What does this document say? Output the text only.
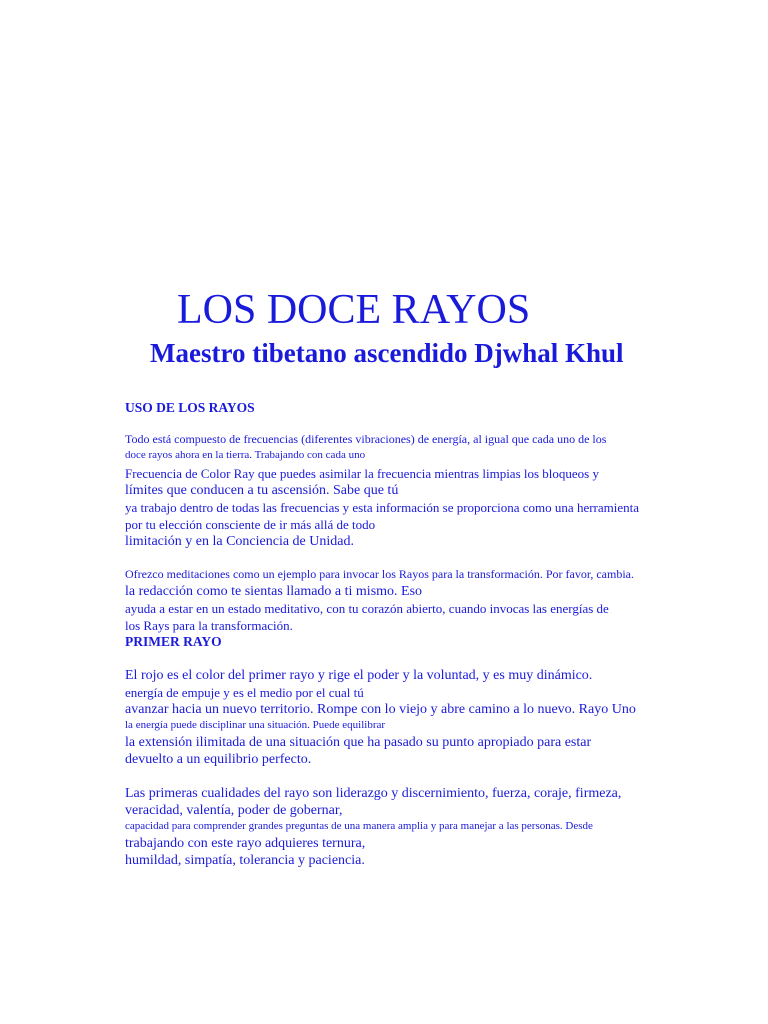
LOS DOCE RAYOS
Maestro tibetano ascendido Djwhal Khul
USO DE LOS RAYOS
Todo está compuesto de frecuencias (diferentes vibraciones) de energía, al igual que cada uno de los
doce rayos ahora en la tierra. Trabajando con cada uno
Frecuencia de Color Ray que puedes asimilar la frecuencia mientras limpias los bloqueos y
límites que conducen a tu ascensión. Sabe que tú
ya trabajo dentro de todas las frecuencias y esta información se proporciona como una herramienta
por tu elección consciente de ir más allá de todo
limitación y en la Conciencia de Unidad.
Ofrezco meditaciones como un ejemplo para invocar los Rayos para la transformación. Por favor, cambia.
la redacción como te sientas llamado a ti mismo. Eso
ayuda a estar en un estado meditativo, con tu corazón abierto, cuando invocas las energías de
los Rays para la transformación.
PRIMER RAYO
El rojo es el color del primer rayo y rige el poder y la voluntad, y es muy dinámico.
energía de empuje y es el medio por el cual tú
avanzar hacia un nuevo territorio. Rompe con lo viejo y abre camino a lo nuevo. Rayo Uno
la energía puede disciplinar una situación. Puede equilibrar
la extensión ilimitada de una situación que ha pasado su punto apropiado para estar
devuelto a un equilibrio perfecto.
Las primeras cualidades del rayo son liderazgo y discernimiento, fuerza, coraje, firmeza,
veracidad, valentía, poder de gobernar,
capacidad para comprender grandes preguntas de una manera amplia y para manejar a las personas. Desde
trabajando con este rayo adquieres ternura,
humildad, simpatía, tolerancia y paciencia.
